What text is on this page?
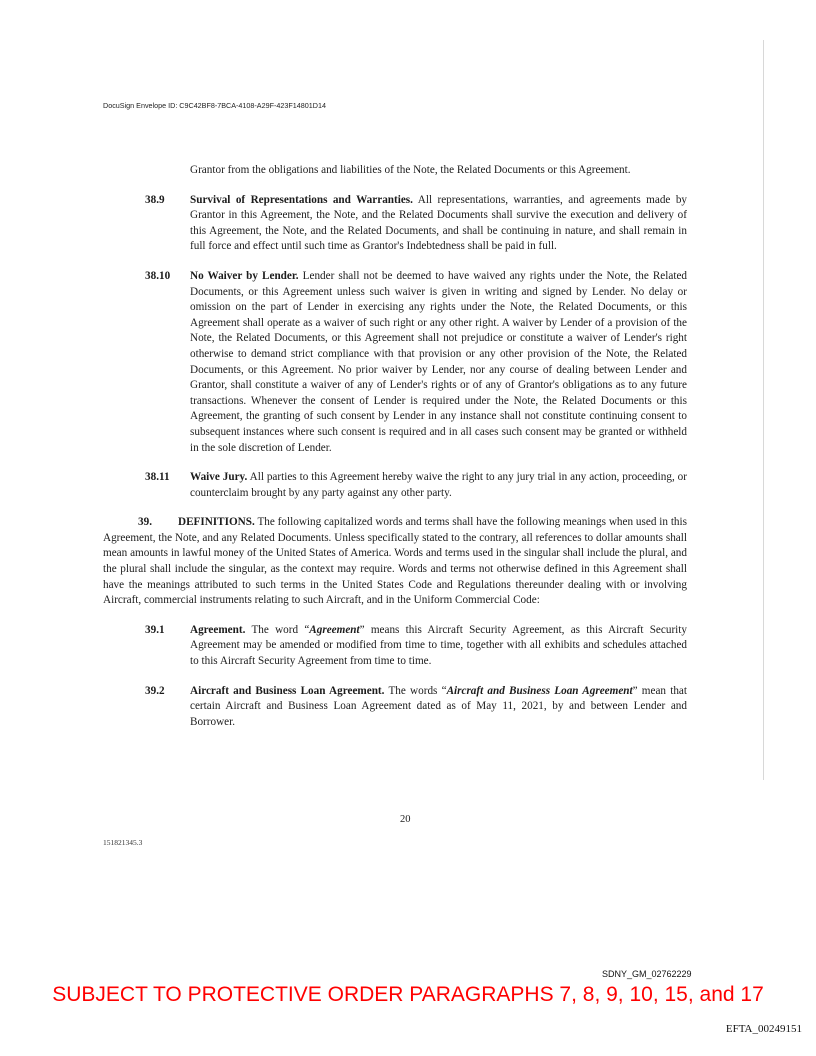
DocuSign Envelope ID: C9C42BF8-7BCA-4108-A29F-423F14801D14

Grantor from the obligations and liabilities of the Note, the Related Documents or this Agreement.

38.9 Survival of Representations and Warranties. All representations, warranties, and agreements made by Grantor in this Agreement, the Note, and the Related Documents shall survive the execution and delivery of this Agreement, the Note, and the Related Documents, and shall be continuing in nature, and shall remain in full force and effect until such time as Grantor's Indebtedness shall be paid in full.

38.10 No Waiver by Lender. Lender shall not be deemed to have waived any rights under the Note, the Related Documents, or this Agreement unless such waiver is given in writing and signed by Lender. No delay or omission on the part of Lender in exercising any rights under the Note, the Related Documents, or this Agreement shall operate as a waiver of such right or any other right. A waiver by Lender of a provision of the Note, the Related Documents, or this Agreement shall not prejudice or constitute a waiver of Lender's right otherwise to demand strict compliance with that provision or any other provision of the Note, the Related Documents, or this Agreement. No prior waiver by Lender, nor any course of dealing between Lender and Grantor, shall constitute a waiver of any of Lender's rights or of any of Grantor's obligations as to any future transactions. Whenever the consent of Lender is required under the Note, the Related Documents or this Agreement, the granting of such consent by Lender in any instance shall not constitute continuing consent to subsequent instances where such consent is required and in all cases such consent may be granted or withheld in the sole discretion of Lender.

38.11 Waive Jury. All parties to this Agreement hereby waive the right to any jury trial in any action, proceeding, or counterclaim brought by any party against any other party.

39. DEFINITIONS. The following capitalized words and terms shall have the following meanings when used in this Agreement, the Note, and any Related Documents. Unless specifically stated to the contrary, all references to dollar amounts shall mean amounts in lawful money of the United States of America. Words and terms used in the singular shall include the plural, and the plural shall include the singular, as the context may require. Words and terms not otherwise defined in this Agreement shall have the meanings attributed to such terms in the United States Code and Regulations thereunder dealing with or involving Aircraft, commercial instruments relating to such Aircraft, and in the Uniform Commercial Code:

39.1 Agreement. The word “Agreement” means this Aircraft Security Agreement, as this Aircraft Security Agreement may be amended or modified from time to time, together with all exhibits and schedules attached to this Aircraft Security Agreement from time to time.

39.2 Aircraft and Business Loan Agreement. The words “Aircraft and Business Loan Agreement” mean that certain Aircraft and Business Loan Agreement dated as of May 11, 2021, by and between Lender and Borrower.

20
151821345.3
SDNY_GM_02762229
SUBJECT TO PROTECTIVE ORDER PARAGRAPHS 7, 8, 9, 10, 15, and 17
EFTA_00249151
